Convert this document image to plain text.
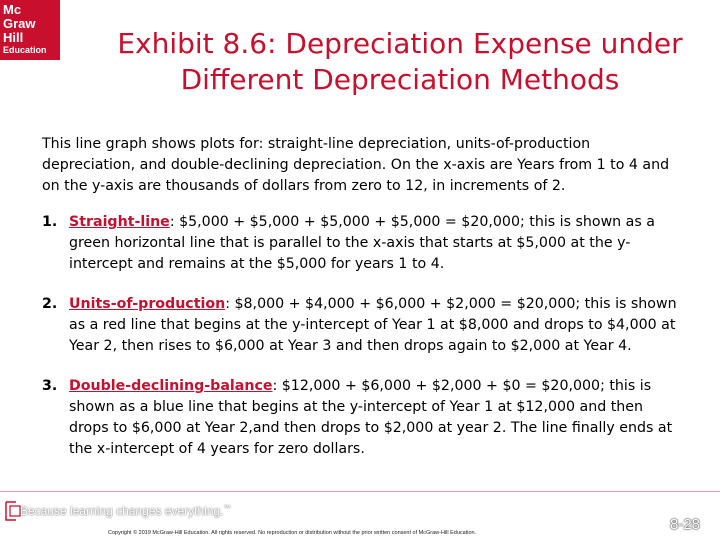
Mc
Graw
Hill
Education	Exhibit 8.6: Depreciation Expense under Different Depreciation Methods

This line graph shows plots for: straight-line depreciation, units-of-production depreciation, and double-declining depreciation. On the x-axis are Years from 1 to 4 and on the y-axis are thousands of dollars from zero to 12, in increments of 2.

1. Straight-line: $5,000 + $5,000 + $5,000 + $5,000 = $20,000; this is shown as a green horizontal line that is parallel to the x-axis that starts at $5,000 at the y-intercept and remains at the $5,000 for years 1 to 4.
2. Units-of-production: $8,000 + $4,000 + $6,000 + $2,000 = $20,000; this is shown as a red line that begins at the y-intercept of Year 1 at $8,000 and drops to $4,000 at Year 2, then rises to $6,000 at Year 3 and then drops again to $2,000 at Year 4.
3. Double-declining-balance: $12,000 + $6,000 + $2,000 + $0 = $20,000; this is shown as a blue line that begins at the y-intercept of Year 1 at $12,000 and then drops to $6,000 at Year 2,and then drops to $2,000 at year 2. The line finally ends at the x-intercept of 4 years for zero dollars.
Because learning changes everything.™
Copyright © 2019 McGraw-Hill Education. All rights reserved. No reproduction or distribution without the prior written consent of McGraw-Hill Education.	8-28
